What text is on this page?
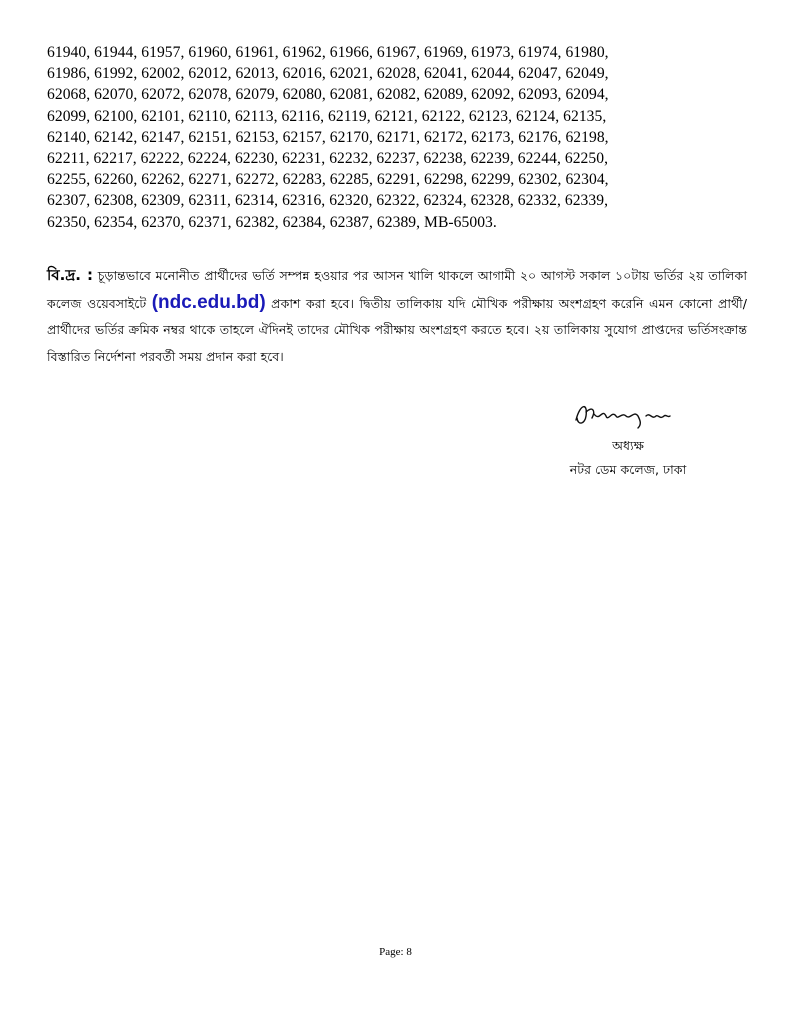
61940, 61944, 61957, 61960, 61961, 61962, 61966, 61967, 61969, 61973, 61974, 61980,
61986, 61992, 62002, 62012, 62013, 62016, 62021, 62028, 62041, 62044, 62047, 62049,
62068, 62070, 62072, 62078, 62079, 62080, 62081, 62082, 62089, 62092, 62093, 62094,
62099, 62100, 62101, 62110, 62113, 62116, 62119, 62121, 62122, 62123, 62124, 62135,
62140, 62142, 62147, 62151, 62153, 62157, 62170, 62171, 62172, 62173, 62176, 62198,
62211, 62217, 62222, 62224, 62230, 62231, 62232, 62237, 62238, 62239, 62244, 62250,
62255, 62260, 62262, 62271, 62272, 62283, 62285, 62291, 62298, 62299, 62302, 62304,
62307, 62308, 62309, 62311, 62314, 62316, 62320, 62322, 62324, 62328, 62332, 62339,
62350, 62354, 62370, 62371, 62382, 62384, 62387, 62389, MB-65003.
বি.দ্র. : চূড়ান্তভাবে মনোনীত প্রার্থীদের ভর্তি সম্পন্ন হওয়ার পর আসন খালি থাকলে আগামী ২০ আগস্ট সকাল ১০টায় ভর্তির ২য় তালিকা কলেজ ওয়েবসাইটে (ndc.edu.bd) প্রকাশ করা হবে। দ্বিতীয় তালিকায় যদি মৌখিক পরীক্ষায় অংশগ্রহণ করেনি এমন কোনো প্রার্থী/প্রার্থীদের ভর্তির ক্রমিক নম্বর থাকে তাহলে ঐদিনই তাদের মৌখিক পরীক্ষায় অংশগ্রহণ করতে হবে। ২য় তালিকায় সুযোগ প্রাপ্তদের ভর্তিসংক্রান্ত বিস্তারিত নির্দেশনা পরবর্তী সময় প্রদান করা হবে।
অধ্যক্ষ
নটর ডেম কলেজ, ঢাকা
Page: 8
